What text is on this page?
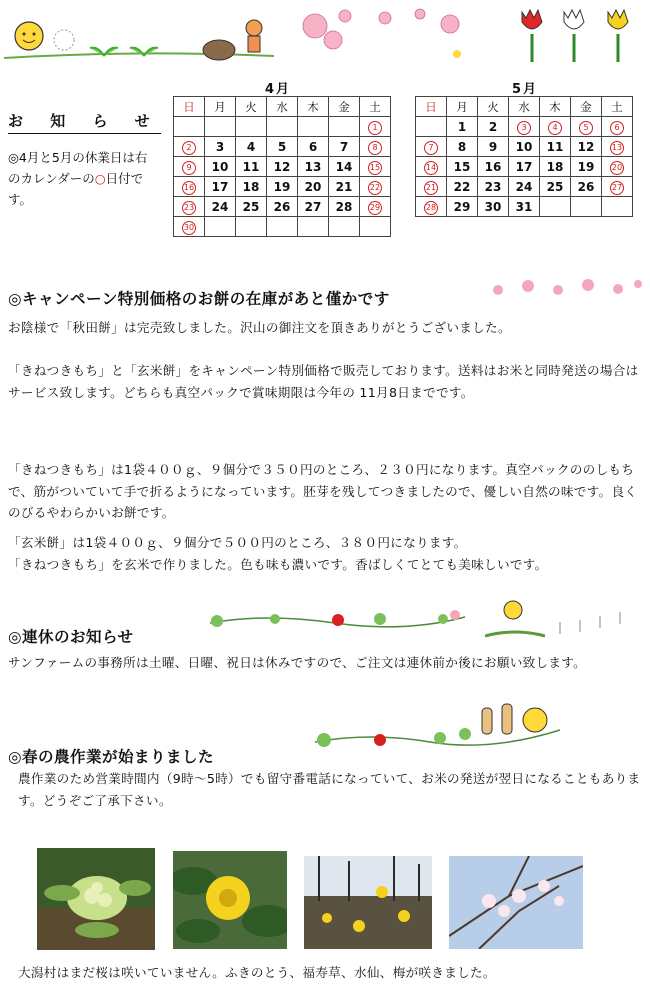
お 知 ら せ
◎4月と5月の休業日は右のカレンダーの○日付です。
4月
日	月	火	水	木	金	土
						1
2	3	4	5	6	7	8
9	10	11	12	13	14	15
16	17	18	19	20	21	22
23	24	25	26	27	28	29
30						
5月
日	月	火	水	木	金	土
	1	2	3	4	5	6
7	8	9	10	11	12	13
14	15	16	17	18	19	20
21	22	23	24	25	26	27
28	29	30	31			
◎キャンペーン特別価格のお餅の在庫があと僅かです
お陰様で「秋田餅」は完売致しました。沢山の御注文を頂きありがとうございました。
「きねつきもち」と「玄米餅」をキャンペーン特別価格で販売しております。送料はお米と同時発送の場合はサービス致します。どちらも真空パックで賞味期限は今年の 11月8日までです。
「きねつきもち」は1袋４００ｇ、９個分で３５０円のところ、２３０円になります。真空パックののしもちで、筋がついていて手で折るようになっています。胚芽を残してつきましたので、優しい自然の味です。良くのびるやわらかいお餅です。
「玄米餅」は1袋４００ｇ、９個分で５００円のところ、３８０円になります。
「きねつきもち」を玄米で作りました。色も味も濃いです。香ばしくてとても美味しいです。
◎連休のお知らせ
サンファームの事務所は土曜、日曜、祝日は休みですので、ご注文は連休前か後にお願い致します。
◎春の農作業が始まりました
農作業のため営業時間内（9時～5時）でも留守番電話になっていて、お米の発送が翌日になることもあります。どうぞご了承下さい。
大潟村はまだ桜は咲いていません。ふきのとう、福寿草、水仙、梅が咲きました。
